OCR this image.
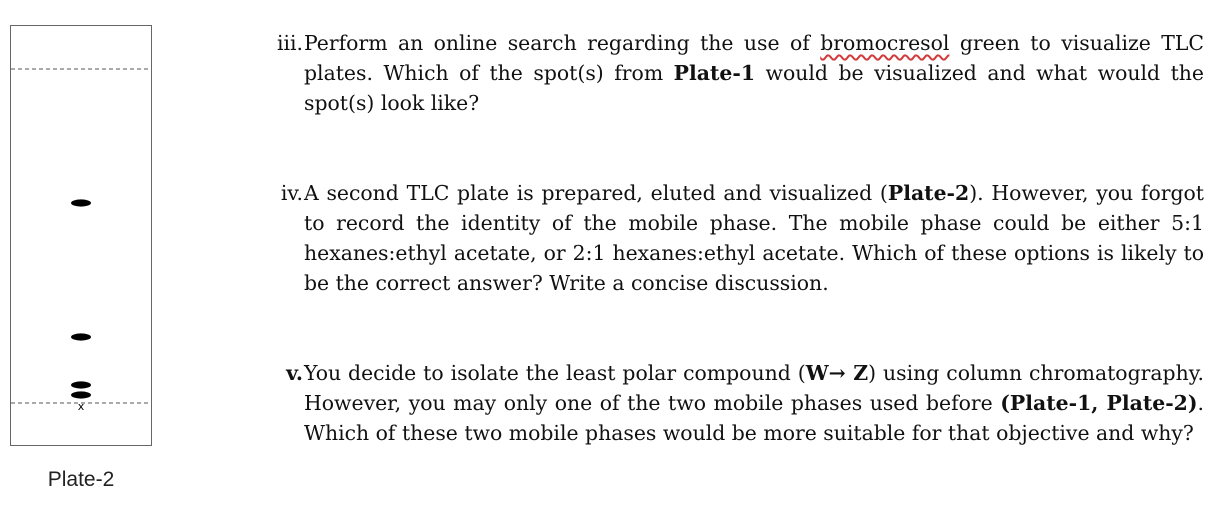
x
Plate-2
iii. Perform an online search regarding the use of bromocresol green to visualize TLC plates. Which of the spot(s) from Plate-1 would be visualized and what would the spot(s) look like?
iv. A second TLC plate is prepared, eluted and visualized (Plate-2). However, you forgot to record the identity of the mobile phase. The mobile phase could be either 5:1 hexanes:ethyl acetate, or 2:1 hexanes:ethyl acetate. Which of these options is likely to be the correct answer? Write a concise discussion.
v. You decide to isolate the least polar compound (W→ Z) using column chromatography. However, you may only one of the two mobile phases used before (Plate-1, Plate-2). Which of these two mobile phases would be more suitable for that objective and why?
